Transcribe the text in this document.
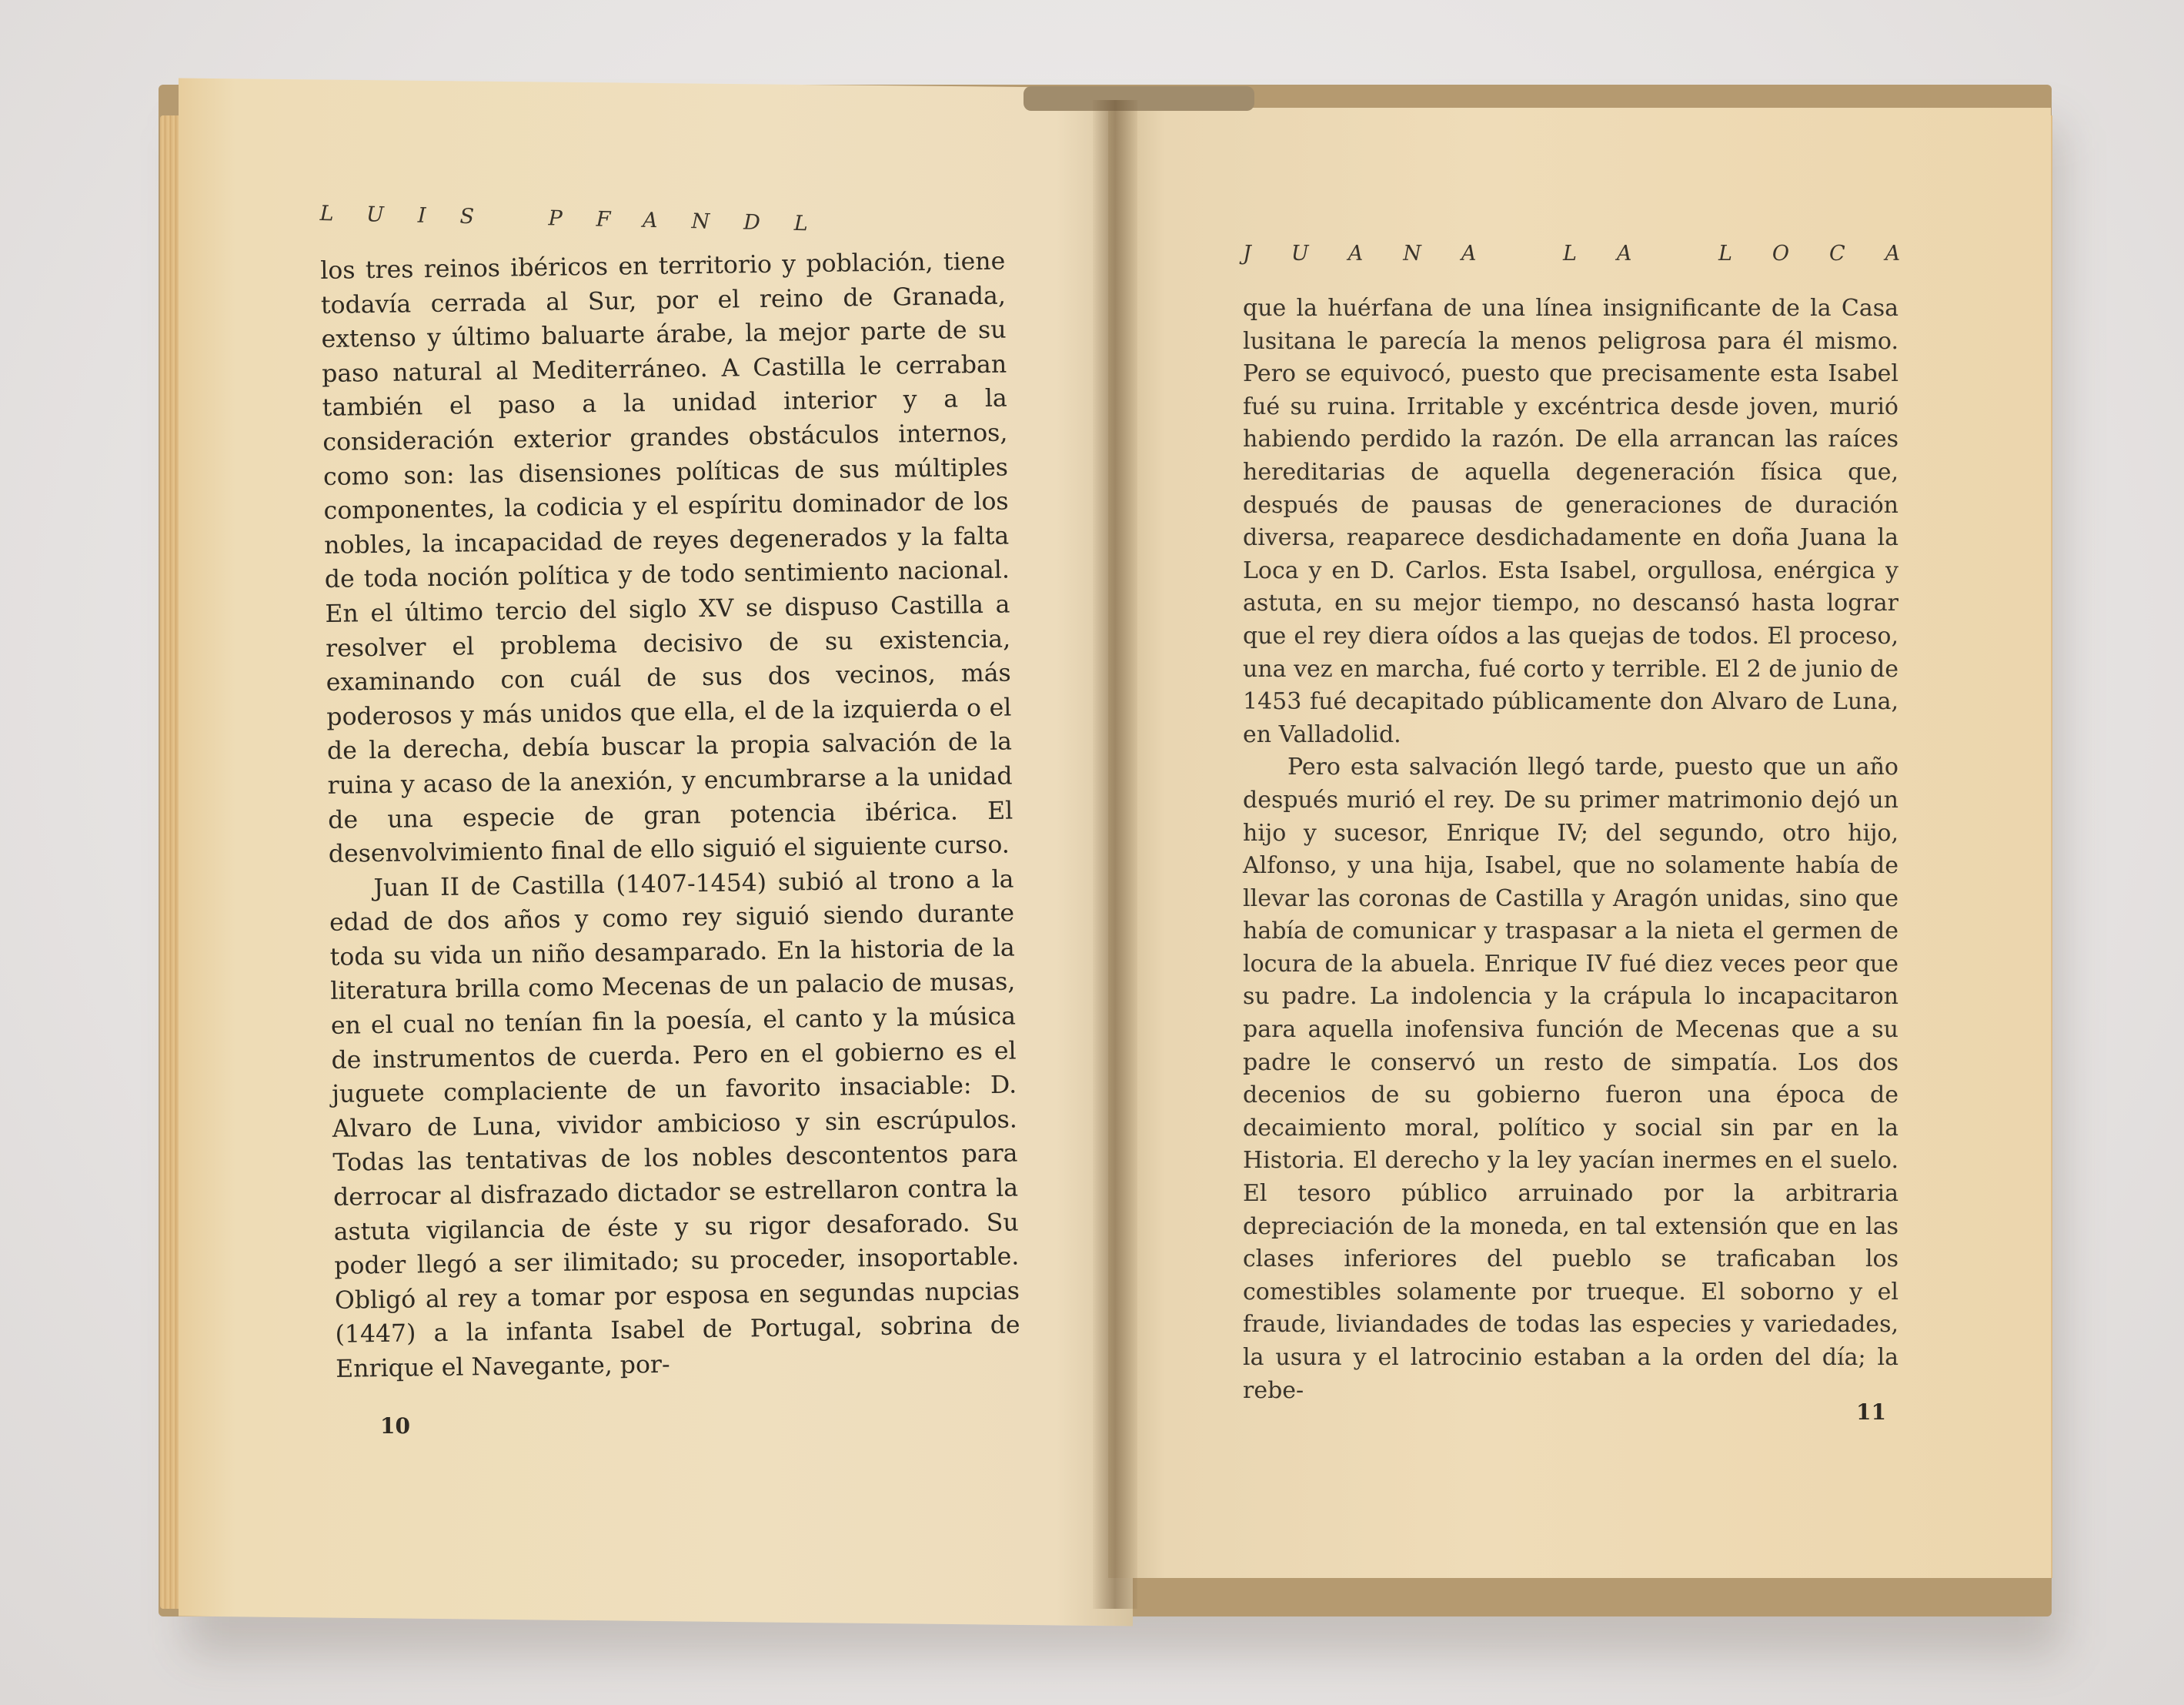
LUIS PFANDL

los tres reinos ibéricos en territorio y población, tiene todavía cerrada al Sur, por el reino de Granada, extenso y último baluarte árabe, la mejor parte de su paso natural al Mediterráneo. A Castilla le cerraban también el paso a la unidad interior y a la consideración exterior grandes obstáculos internos, como son: las disensiones políticas de sus múltiples componentes, la codicia y el espíritu dominador de los nobles, la incapacidad de reyes degenerados y la falta de toda noción política y de todo sentimiento nacional. En el último tercio del siglo XV se dispuso Castilla a resolver el problema decisivo de su existencia, examinando con cuál de sus dos vecinos, más poderosos y más unidos que ella, el de la izquierda o el de la derecha, debía buscar la propia salvación de la ruina y acaso de la anexión, y encumbrarse a la unidad de una especie de gran potencia ibérica. El desenvolvimiento final de ello siguió el siguiente curso.

Juan II de Castilla (1407-1454) subió al trono a la edad de dos años y como rey siguió siendo durante toda su vida un niño desamparado. En la historia de la literatura brilla como Mecenas de un palacio de musas, en el cual no tenían fin la poesía, el canto y la música de instrumentos de cuerda. Pero en el gobierno es el juguete complaciente de un favorito insaciable: D. Alvaro de Luna, vividor ambicioso y sin escrúpulos. Todas las tentativas de los nobles descontentos para derrocar al disfrazado dictador se estrellaron contra la astuta vigilancia de éste y su rigor desaforado. Su poder llegó a ser ilimitado; su proceder, insoportable. Obligó al rey a tomar por esposa en segundas nupcias (1447) a la infanta Isabel de Portugal, sobrina de Enrique el Navegante, por-

10
JUANA LA LOCA

que la huérfana de una línea insignificante de la Casa lusitana le parecía la menos peligrosa para él mismo. Pero se equivocó, puesto que precisamente esta Isabel fué su ruina. Irritable y excéntrica desde joven, murió habiendo perdido la razón. De ella arrancan las raíces hereditarias de aquella degeneración física que, después de pausas de generaciones de duración diversa, reaparece desdichadamente en doña Juana la Loca y en D. Carlos. Esta Isabel, orgullosa, enérgica y astuta, en su mejor tiempo, no descansó hasta lograr que el rey diera oídos a las quejas de todos. El proceso, una vez en marcha, fué corto y terrible. El 2 de junio de 1453 fué decapitado públicamente don Alvaro de Luna, en Valladolid.

Pero esta salvación llegó tarde, puesto que un año después murió el rey. De su primer matrimonio dejó un hijo y sucesor, Enrique IV; del segundo, otro hijo, Alfonso, y una hija, Isabel, que no solamente había de llevar las coronas de Castilla y Aragón unidas, sino que había de comunicar y traspasar a la nieta el germen de locura de la abuela. Enrique IV fué diez veces peor que su padre. La indolencia y la crápula lo incapacitaron para aquella inofensiva función de Mecenas que a su padre le conservó un resto de simpatía. Los dos decenios de su gobierno fueron una época de decaimiento moral, político y social sin par en la Historia. El derecho y la ley yacían inermes en el suelo. El tesoro público arruinado por la arbitraria depreciación de la moneda, en tal extensión que en las clases inferiores del pueblo se traficaban los comestibles solamente por trueque. El soborno y el fraude, liviandades de todas las especies y variedades, la usura y el latrocinio estaban a la orden del día; la rebe-

11
